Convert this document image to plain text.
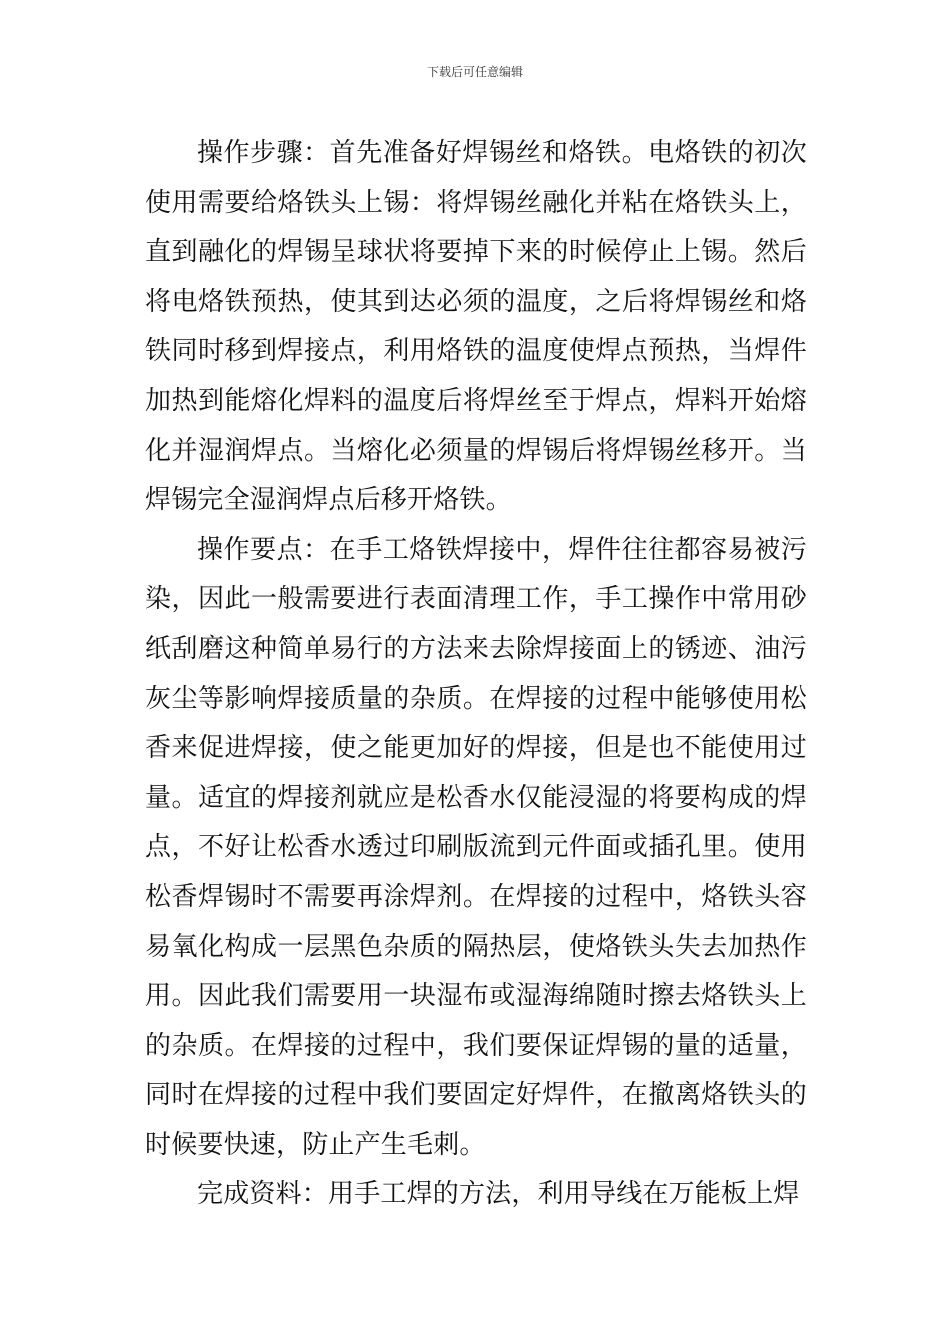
下载后可任意编辑

操作步骤：首先准备好焊锡丝和烙铁。电烙铁的初次使用需要给烙铁头上锡：将焊锡丝融化并粘在烙铁头上，直到融化的焊锡呈球状将要掉下来的时候停止上锡。然后将电烙铁预热，使其到达必须的温度，之后将焊锡丝和烙铁同时移到焊接点，利用烙铁的温度使焊点预热，当焊件加热到能熔化焊料的温度后将焊丝至于焊点，焊料开始熔化并湿润焊点。当熔化必须量的焊锡后将焊锡丝移开。当焊锡完全湿润焊点后移开烙铁。

操作要点：在手工烙铁焊接中，焊件往往都容易被污染，因此一般需要进行表面清理工作，手工操作中常用砂纸刮磨这种简单易行的方法来去除焊接面上的锈迹、油污灰尘等影响焊接质量的杂质。在焊接的过程中能够使用松香来促进焊接，使之能更加好的焊接，但是也不能使用过量。适宜的焊接剂就应是松香水仅能浸湿的将要构成的焊点，不好让松香水透过印刷版流到元件面或插孔里。使用松香焊锡时不需要再涂焊剂。在焊接的过程中，烙铁头容易氧化构成一层黑色杂质的隔热层，使烙铁头失去加热作用。因此我们需要用一块湿布或湿海绵随时擦去烙铁头上的杂质。在焊接的过程中，我们要保证焊锡的量的适量，同时在焊接的过程中我们要固定好焊件，在撤离烙铁头的时候要快速，防止产生毛刺。

完成资料：用手工焊的方法，利用导线在万能板上焊
